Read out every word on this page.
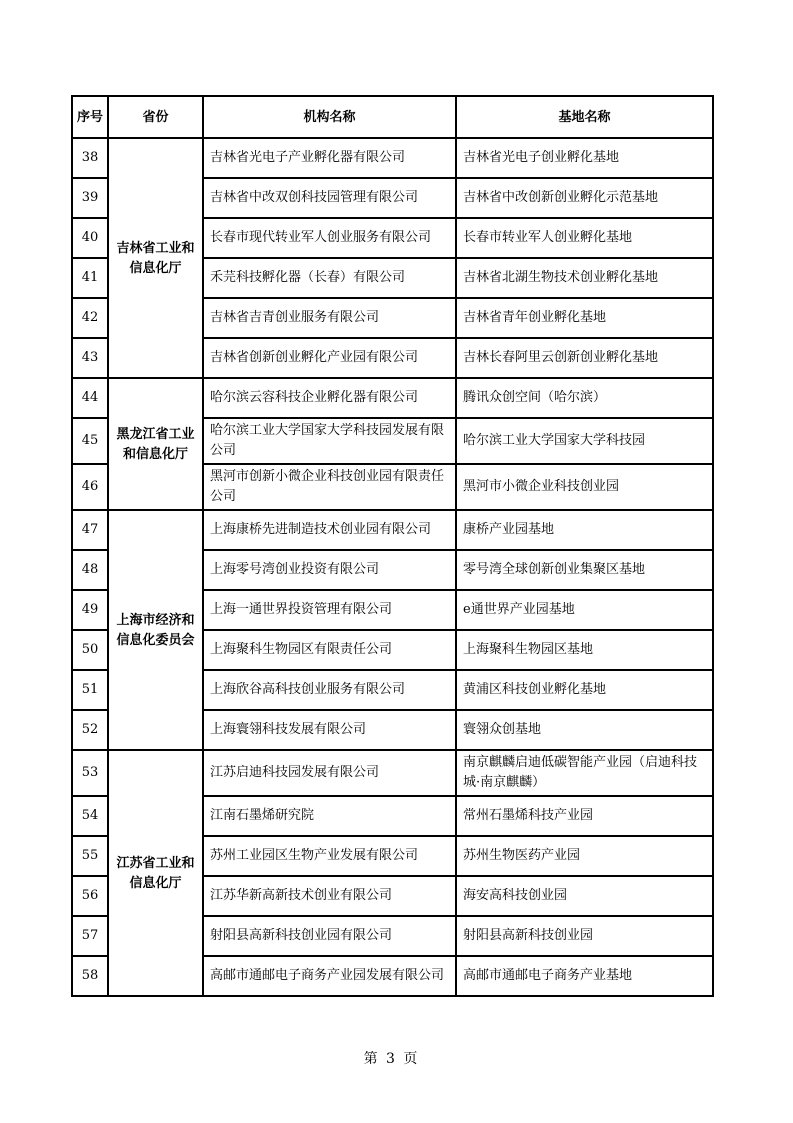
序号	省份	机构名称	基地名称
38	吉林省工业和信息化厅	吉林省光电子产业孵化器有限公司	吉林省光电子创业孵化基地
39		吉林省中改双创科技园管理有限公司	吉林省中改创新创业孵化示范基地
40		长春市现代转业军人创业服务有限公司	长春市转业军人创业孵化基地
41		禾芫科技孵化器（长春）有限公司	吉林省北湖生物技术创业孵化基地
42		吉林省吉青创业服务有限公司	吉林省青年创业孵化基地
43		吉林省创新创业孵化产业园有限公司	吉林长春阿里云创新创业孵化基地
44	黑龙江省工业和信息化厅	哈尔滨云容科技企业孵化器有限公司	腾讯众创空间（哈尔滨）
45		哈尔滨工业大学国家大学科技园发展有限公司	哈尔滨工业大学国家大学科技园
46		黑河市创新小微企业科技创业园有限责任公司	黑河市小微企业科技创业园
47	上海市经济和信息化委员会	上海康桥先进制造技术创业园有限公司	康桥产业园基地
48		上海零号湾创业投资有限公司	零号湾全球创新创业集聚区基地
49		上海一通世界投资管理有限公司	e通世界产业园基地
50		上海聚科生物园区有限责任公司	上海聚科生物园区基地
51		上海欣谷高科技创业服务有限公司	黄浦区科技创业孵化基地
52		上海寰翎科技发展有限公司	寰翎众创基地
53	江苏省工业和信息化厅	江苏启迪科技园发展有限公司	南京麒麟启迪低碳智能产业园（启迪科技城·南京麒麟）
54		江南石墨烯研究院	常州石墨烯科技产业园
55		苏州工业园区生物产业发展有限公司	苏州生物医药产业园
56		江苏华新高新技术创业有限公司	海安高科技创业园
57		射阳县高新科技创业园有限公司	射阳县高新科技创业园
58		高邮市通邮电子商务产业园发展有限公司	高邮市通邮电子商务产业基地
第 3 页
